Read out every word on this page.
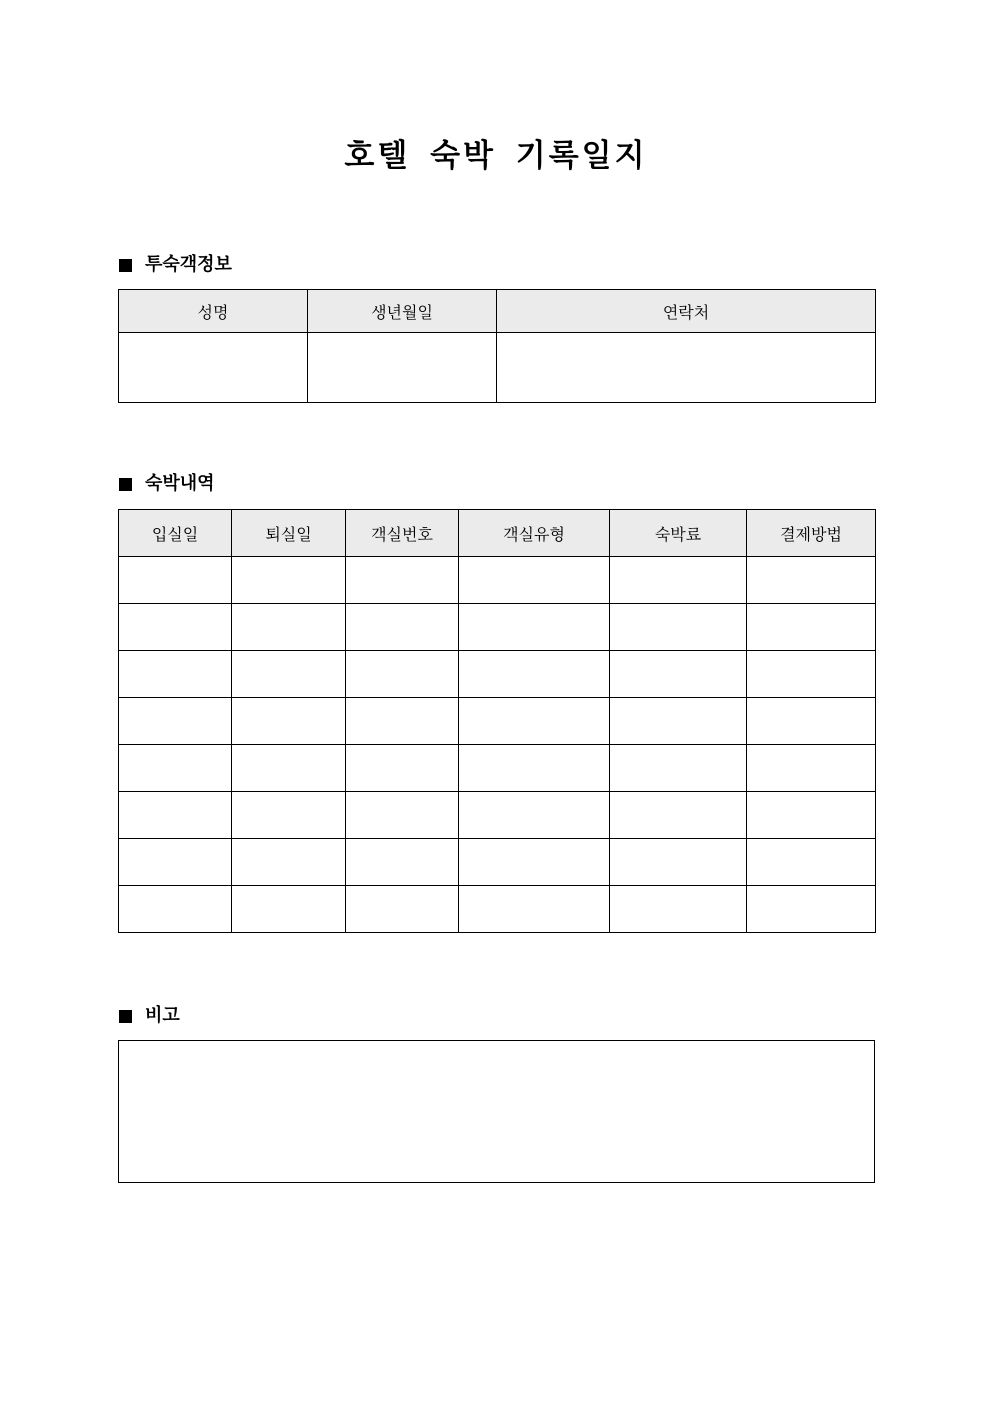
호텔 숙박 기록일지
투숙객정보
성명	생년월일	연락처

숙박내역
입실일	퇴실일	객실번호	객실유형	숙박료	결제방법

비고
